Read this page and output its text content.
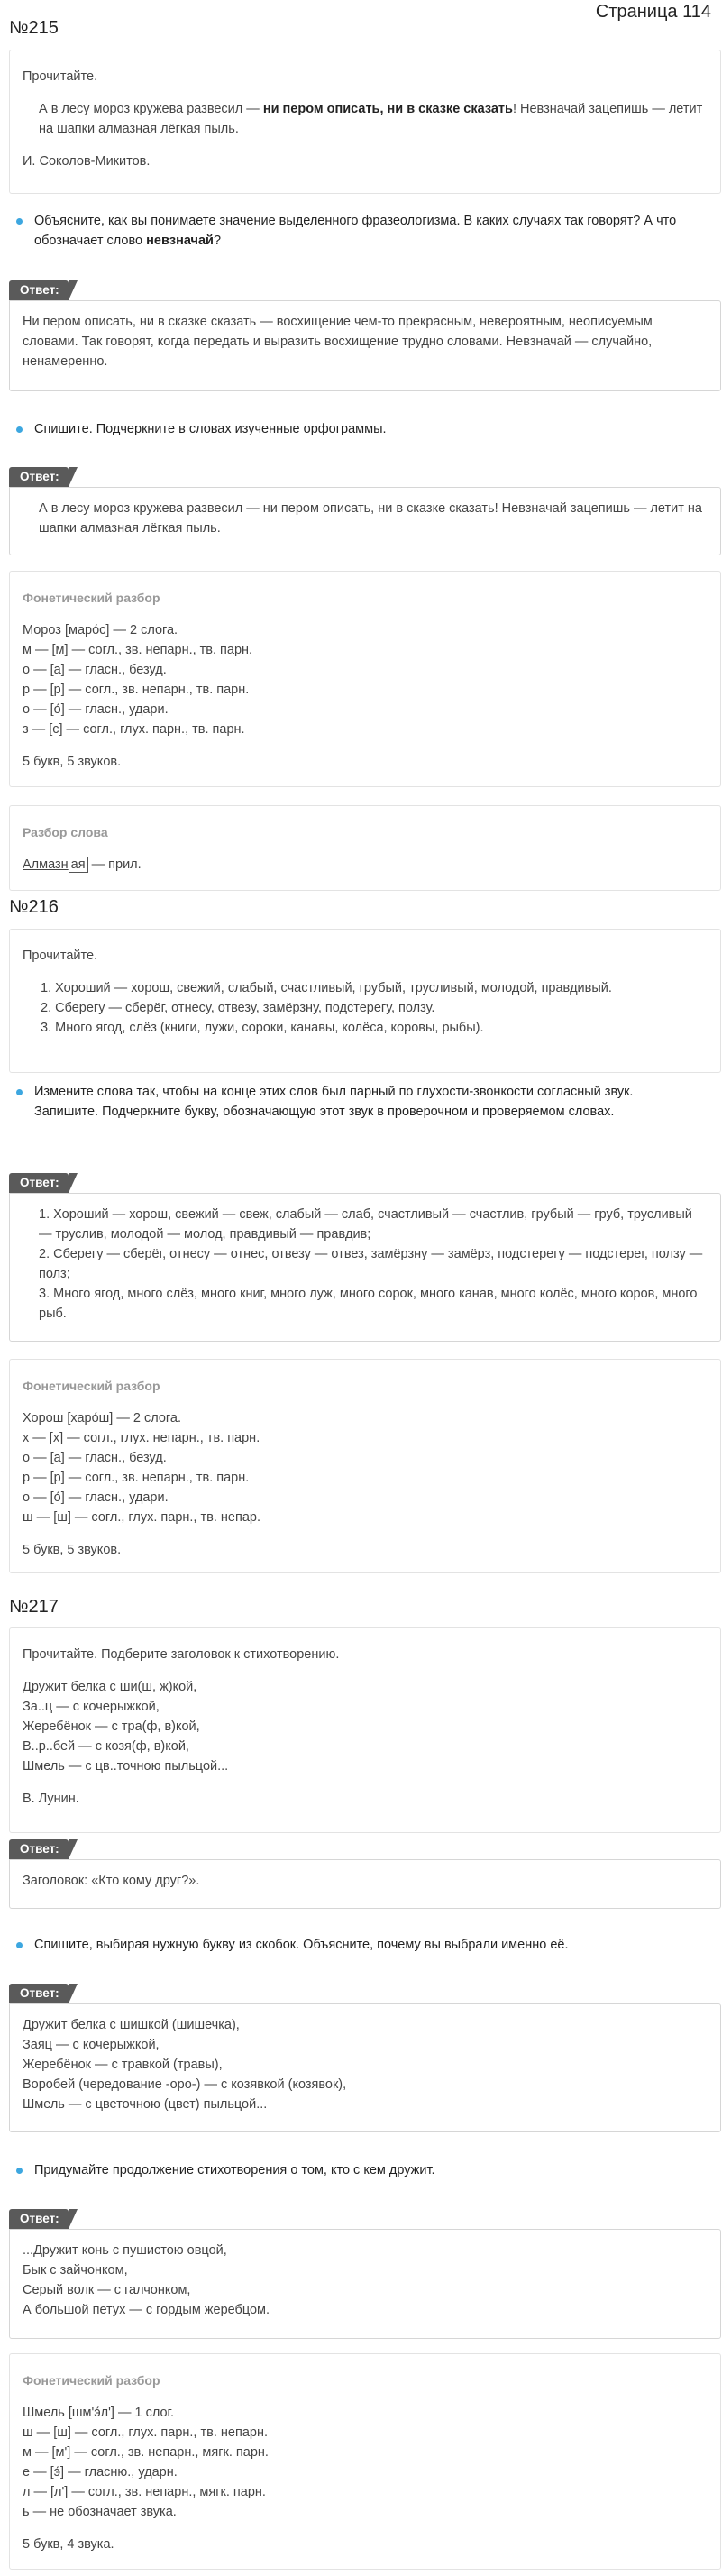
Страница 114
№215

Прочитайте.

А в лесу мороз кружева развесил — ни пером описать, ни в сказке сказать! Невзначай зацепишь — летит на шапки алмазная лёгкая пыль.

И. Соколов-Микитов.

Объясните, как вы понимаете значение выделенного фразеологизма. В каких случаях так говорят? А что обозначает слово невзначай?
Ответ:

Ни пером описать, ни в сказке сказать — восхищение чем-то прекрасным, невероятным, неописуемым словами. Так говорят, когда передать и выразить восхищение трудно словами. Невзначай — случайно, ненамеренно.

Спишите. Подчеркните в словах изученные орфограммы.
Ответ:

А в лесу мороз кружева развесил — ни пером описать, ни в сказке сказать! Невзначай зацепишь — летит на шапки алмазная лёгкая пыль.

Фонетический разбор

Мороз [маро́с] — 2 слога.

м — [м] — согл., зв. непарн., тв. парн.

о — [а] — гласн., безуд.

р — [р] — согл., зв. непарн., тв. парн.

о — [о́] — гласн., удари.

з — [с] — согл., глух. парн., тв. парн.

5 букв, 5 звуков.

Разбор слова

Алмазн ая — прил.

№216

Прочитайте.

1. Хороший — хорош, свежий, слабый, счастливый, грубый, трусливый, молодой, правдивый.

2. Сберегу — сберёг, отнесу, отвезу, замёрзну, подстерегу, ползу.

3. Много ягод, слёз (книги, лужи, сороки, канавы, колёса, коровы, рыбы).

Измените слова так, чтобы на конце этих слов был парный по глухости-звонкости согласный звук.

Запишите. Подчеркните букву, обозначающую этот звук в проверочном и проверяемом словах.

Ответ:

1. Хороший — хорош, свежий — свеж, слабый — слаб, счастливый — счастлив, грубый — груб, трусливый — труслив, молодой — молод, правдивый — правдив;

2. Сберегу — сберёг, отнесу — отнес, отвезу — отвез, замёрзну — замёрз, подстерегу — подстерег, ползу — полз;

3. Много ягод, много слёз, много книг, много луж, много сорок, много канав, много колёс, много коров, много рыб.

Фонетический разбор

Хорош [харо́ш] — 2 слога.

х — [х] — согл., глух. непарн., тв. парн.

о — [а] — гласн., безуд.

р — [р] — согл., зв. непарн., тв. парн.

о — [о́] — гласн., удари.

ш — [ш] — согл., глух. парн., тв. непар.

5 букв, 5 звуков.

№217

Прочитайте. Подберите заголовок к стихотворению.

Дружит белка с ши(ш, ж)кой,

За..ц — с кочерыжкой,

Жеребёнок — с тра(ф, в)кой,

В..р..бей — с козя(ф, в)кой,

Шмель — с цв..точною пыльцой...

В. Лунин.

Ответ:

Заголовок: «Кто кому друг?».

Спишите, выбирая нужную букву из скобок. Объясните, почему вы выбрали именно её.
Ответ:

Дружит белка с шишкой (шишечка),

Заяц — с кочерыжкой,

Жеребёнок — с травкой (травы),

Воробей (чередование -оро-) — с козявкой (козявок),

Шмель — с цветочною (цвет) пыльцой...

Придумайте продолжение стихотворения о том, кто с кем дружит.
Ответ:

...Дружит конь с пушистою овцой,

Бык с зайчонком,

Серый волк — с галчонком,

А большой петух — с гордым жеребцом.

Фонетический разбор

Шмель [шм'э́л'] — 1 слог.

ш — [ш] — согл., глух. парн., тв. непарн.

м — [м'] — согл., зв. непарн., мягк. парн.

е — [э́] — гласню., ударн.

л — [л'] — согл., зв. непарн., мягк. парн.

ь — не обозначает звука.

5 букв, 4 звука.
